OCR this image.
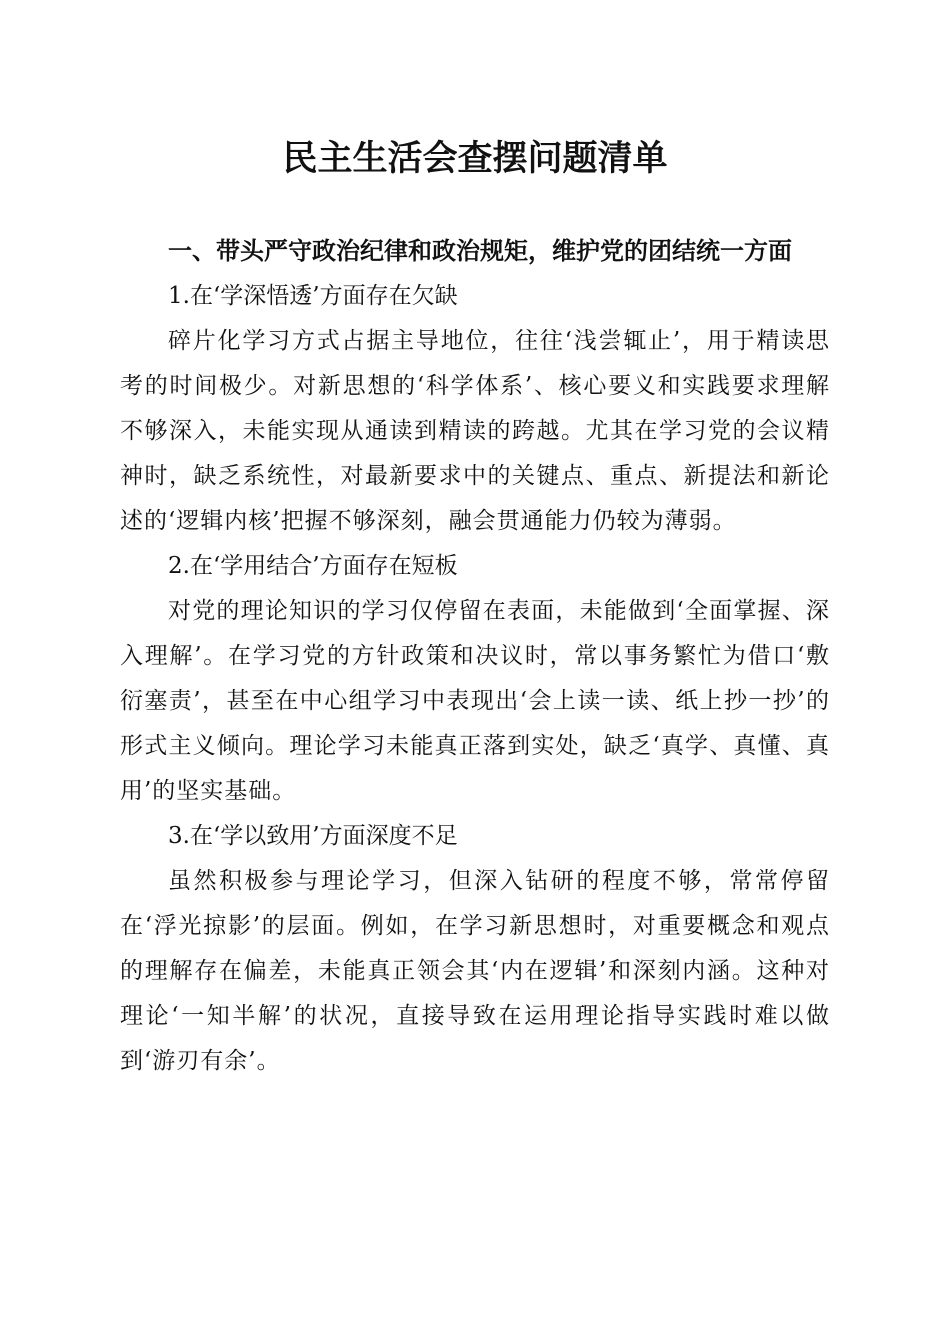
民主生活会查摆问题清单

一、带头严守政治纪律和政治规矩，维护党的团结统一方面

1.在‘学深悟透’方面存在欠缺

碎片化学习方式占据主导地位，往往‘浅尝辄止’，用于精读思考的时间极少。对新思想的‘科学体系’、核心要义和实践要求理解不够深入，未能实现从通读到精读的跨越。尤其在学习党的会议精神时，缺乏系统性，对最新要求中的关键点、重点、新提法和新论述的‘逻辑内核’把握不够深刻，融会贯通能力仍较为薄弱。

2.在‘学用结合’方面存在短板

对党的理论知识的学习仅停留在表面，未能做到‘全面掌握、深入理解’。在学习党的方针政策和决议时，常以事务繁忙为借口‘敷衍塞责’，甚至在中心组学习中表现出‘会上读一读、纸上抄一抄’的形式主义倾向。理论学习未能真正落到实处，缺乏‘真学、真懂、真用’的坚实基础。

3.在‘学以致用’方面深度不足

虽然积极参与理论学习，但深入钻研的程度不够，常常停留在‘浮光掠影’的层面。例如，在学习新思想时，对重要概念和观点的理解存在偏差，未能真正领会其‘内在逻辑’和深刻内涵。这种对理论‘一知半解’的状况，直接导致在运用理论指导实践时难以做到‘游刃有余’。
